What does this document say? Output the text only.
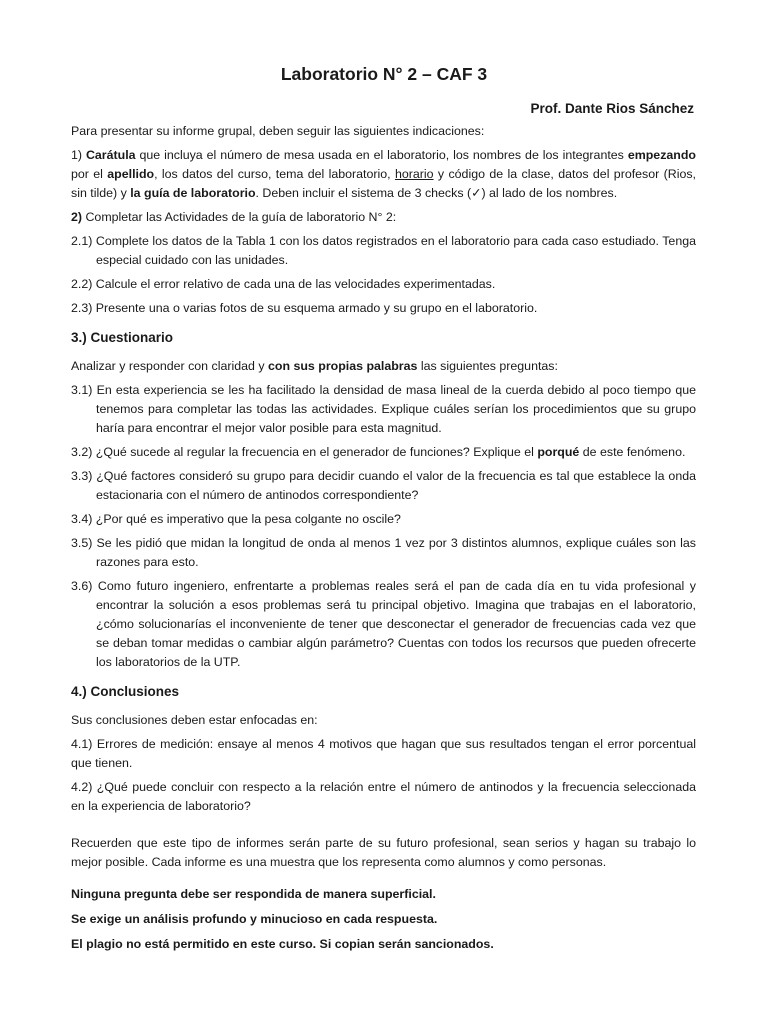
Laboratorio N° 2 – CAF 3
Prof. Dante Rios Sánchez

Para presentar su informe grupal, deben seguir las siguientes indicaciones:

1) Carátula que incluya el número de mesa usada en el laboratorio, los nombres de los integrantes empezando por el apellido, los datos del curso, tema del laboratorio, horario y código de la clase, datos del profesor (Rios, sin tilde) y la guía de laboratorio. Deben incluir el sistema de 3 checks (✓) al lado de los nombres.

2) Completar las Actividades de la guía de laboratorio N° 2:

2.1) Complete los datos de la Tabla 1 con los datos registrados en el laboratorio para cada caso estudiado. Tenga especial cuidado con las unidades.

2.2) Calcule el error relativo de cada una de las velocidades experimentadas.

2.3) Presente una o varias fotos de su esquema armado y su grupo en el laboratorio.

3.) Cuestionario

Analizar y responder con claridad y con sus propias palabras las siguientes preguntas:

3.1) En esta experiencia se les ha facilitado la densidad de masa lineal de la cuerda debido al poco tiempo que tenemos para completar las todas las actividades. Explique cuáles serían los procedimientos que su grupo haría para encontrar el mejor valor posible para esta magnitud.

3.2) ¿Qué sucede al regular la frecuencia en el generador de funciones? Explique el porqué de este fenómeno.

3.3) ¿Qué factores consideró su grupo para decidir cuando el valor de la frecuencia es tal que establece la onda estacionaria con el número de antinodos correspondiente?

3.4) ¿Por qué es imperativo que la pesa colgante no oscile?

3.5) Se les pidió que midan la longitud de onda al menos 1 vez por 3 distintos alumnos, explique cuáles son las razones para esto.

3.6) Como futuro ingeniero, enfrentarte a problemas reales será el pan de cada día en tu vida profesional y encontrar la solución a esos problemas será tu principal objetivo. Imagina que trabajas en el laboratorio, ¿cómo solucionarías el inconveniente de tener que desconectar el generador de frecuencias cada vez que se deban tomar medidas o cambiar algún parámetro? Cuentas con todos los recursos que pueden ofrecerte los laboratorios de la UTP.

4.) Conclusiones

Sus conclusiones deben estar enfocadas en:

4.1) Errores de medición: ensaye al menos 4 motivos que hagan que sus resultados tengan el error porcentual que tienen.

4.2) ¿Qué puede concluir con respecto a la relación entre el número de antinodos y la frecuencia seleccionada en la experiencia de laboratorio?

Recuerden que este tipo de informes serán parte de su futuro profesional, sean serios y hagan su trabajo lo mejor posible. Cada informe es una muestra que los representa como alumnos y como personas.

Ninguna pregunta debe ser respondida de manera superficial.

Se exige un análisis profundo y minucioso en cada respuesta.

El plagio no está permitido en este curso. Si copian serán sancionados.
